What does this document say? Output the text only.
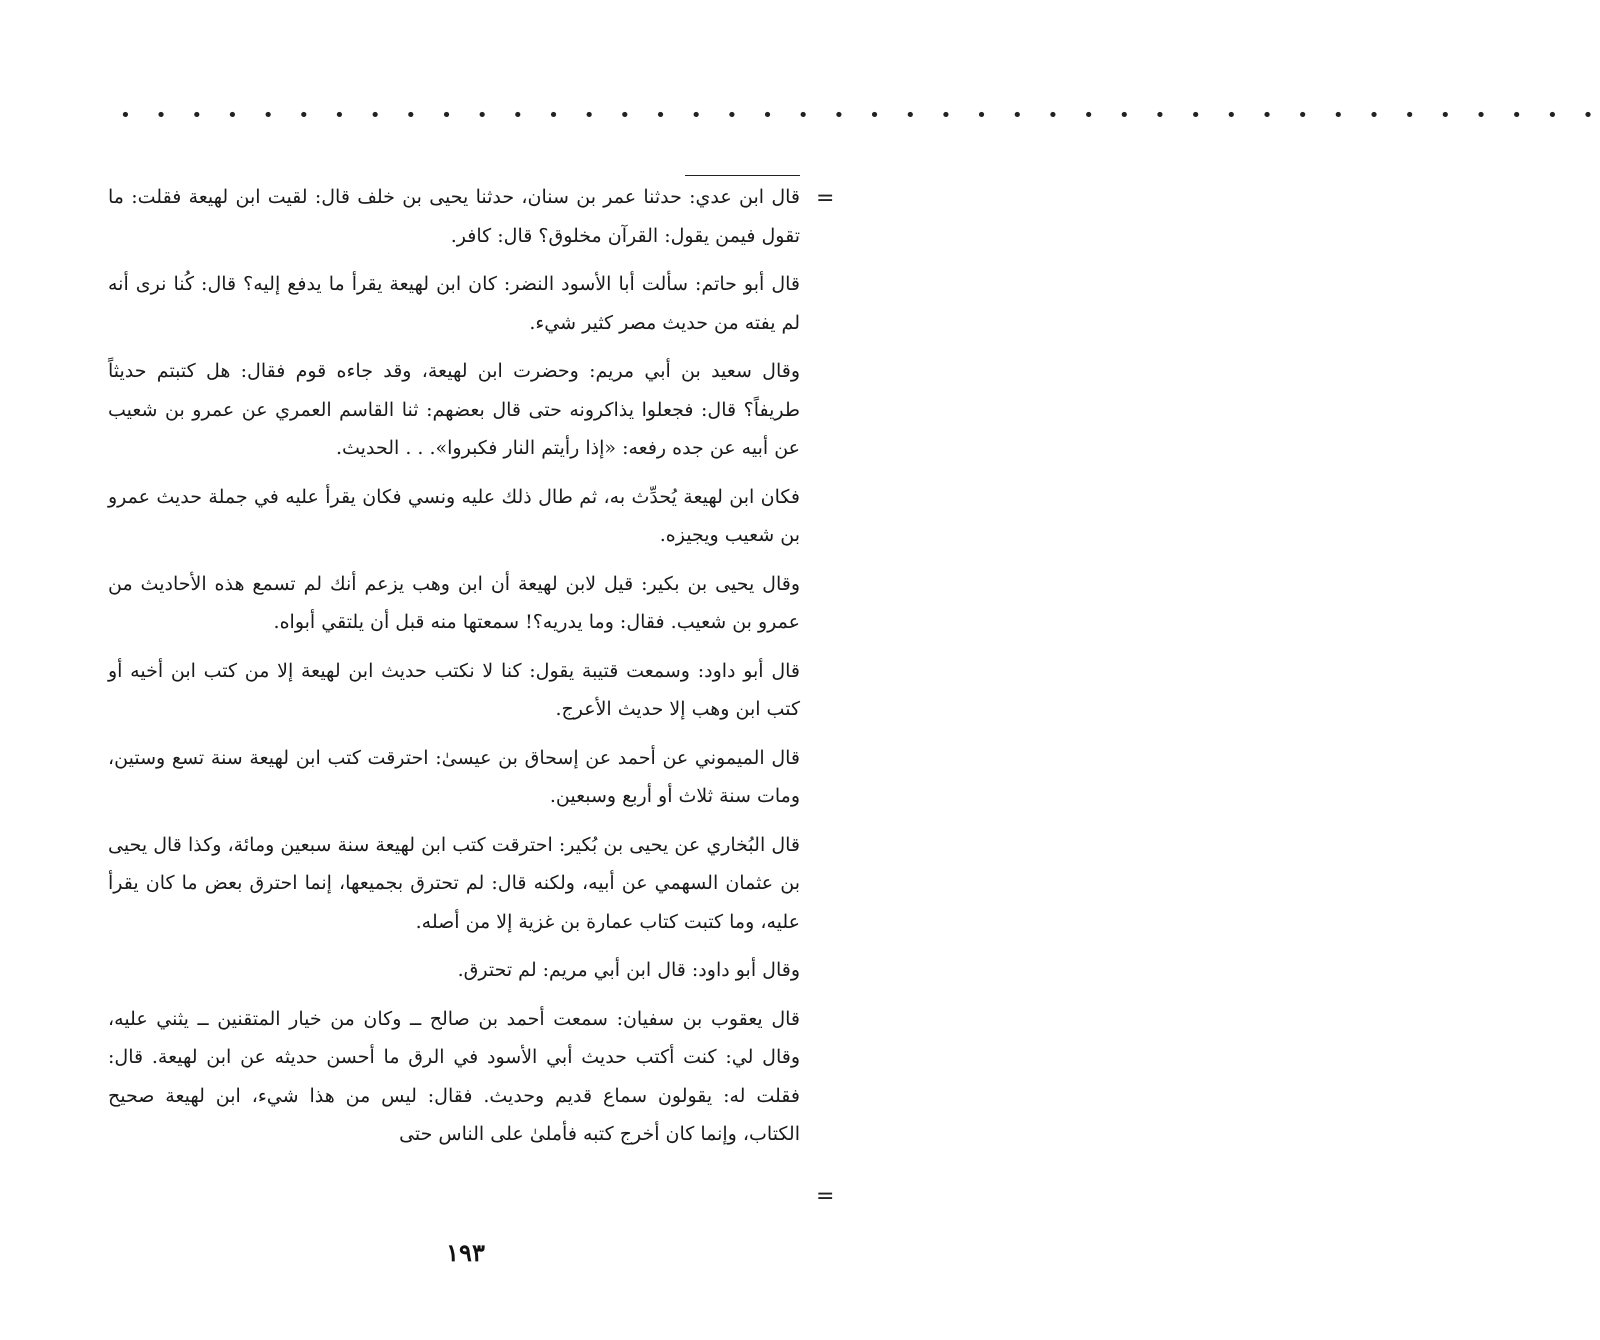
• • • • • • • • • • • • • • • • • • • • • • • • • • • • • • • • • • • • • • • • • •
=

قال ابن عدي: حدثنا عمر بن سنان، حدثنا يحيى بن خلف قال: لقيت ابن لهيعة فقلت: ما تقول فيمن يقول: القرآن مخلوق؟ قال: كافر.

قال أبو حاتم: سألت أبا الأسود النضر: كان ابن لهيعة يقرأ ما يدفع إليه؟ قال: كُنا نرى أنه لم يفته من حديث مصر كثير شيء.

وقال سعيد بن أبي مريم: وحضرت ابن لهيعة، وقد جاءه قوم فقال: هل كتبتم حديثاً طريفاً؟ قال: فجعلوا يذاكرونه حتى قال بعضهم: ثنا القاسم العمري عن عمرو بن شعيب عن أبيه عن جده رفعه: «إذا رأيتم النار فكبروا». . . الحديث.

فكان ابن لهيعة يُحدِّث به، ثم طال ذلك عليه ونسي فكان يقرأ عليه في جملة حديث عمرو بن شعيب ويجيزه.

وقال يحيى بن بكير: قيل لابن لهيعة أن ابن وهب يزعم أنك لم تسمع هذه الأحاديث من عمرو بن شعيب. فقال: وما يدريه؟! سمعتها منه قبل أن يلتقي أبواه.

قال أبو داود: وسمعت قتيبة يقول: كنا لا نكتب حديث ابن لهيعة إلا من كتب ابن أخيه أو كتب ابن وهب إلا حديث الأعرج.

قال الميموني عن أحمد عن إسحاق بن عيسىٰ: احترقت كتب ابن لهيعة سنة تسع وستين، ومات سنة ثلاث أو أربع وسبعين.

قال البُخاري عن يحيى بن بُكير: احترقت كتب ابن لهيعة سنة سبعين ومائة، وكذا قال يحيى بن عثمان السهمي عن أبيه، ولكنه قال: لم تحترق بجميعها، إنما احترق بعض ما كان يقرأ عليه، وما كتبت كتاب عمارة بن غزية إلا من أصله.

وقال أبو داود: قال ابن أبي مريم: لم تحترق.

قال يعقوب بن سفيان: سمعت أحمد بن صالح ــ وكان من خيار المتقنين ــ يثني عليه، وقال لي: كنت أكتب حديث أبي الأسود في الرق ما أحسن حديثه عن ابن لهيعة. قال: فقلت له: يقولون سماع قديم وحديث. فقال: ليس من هذا شيء، ابن لهيعة صحيح الكتاب، وإنما كان أخرج كتبه فأملىٰ على الناس حتى

=
١٩٣
